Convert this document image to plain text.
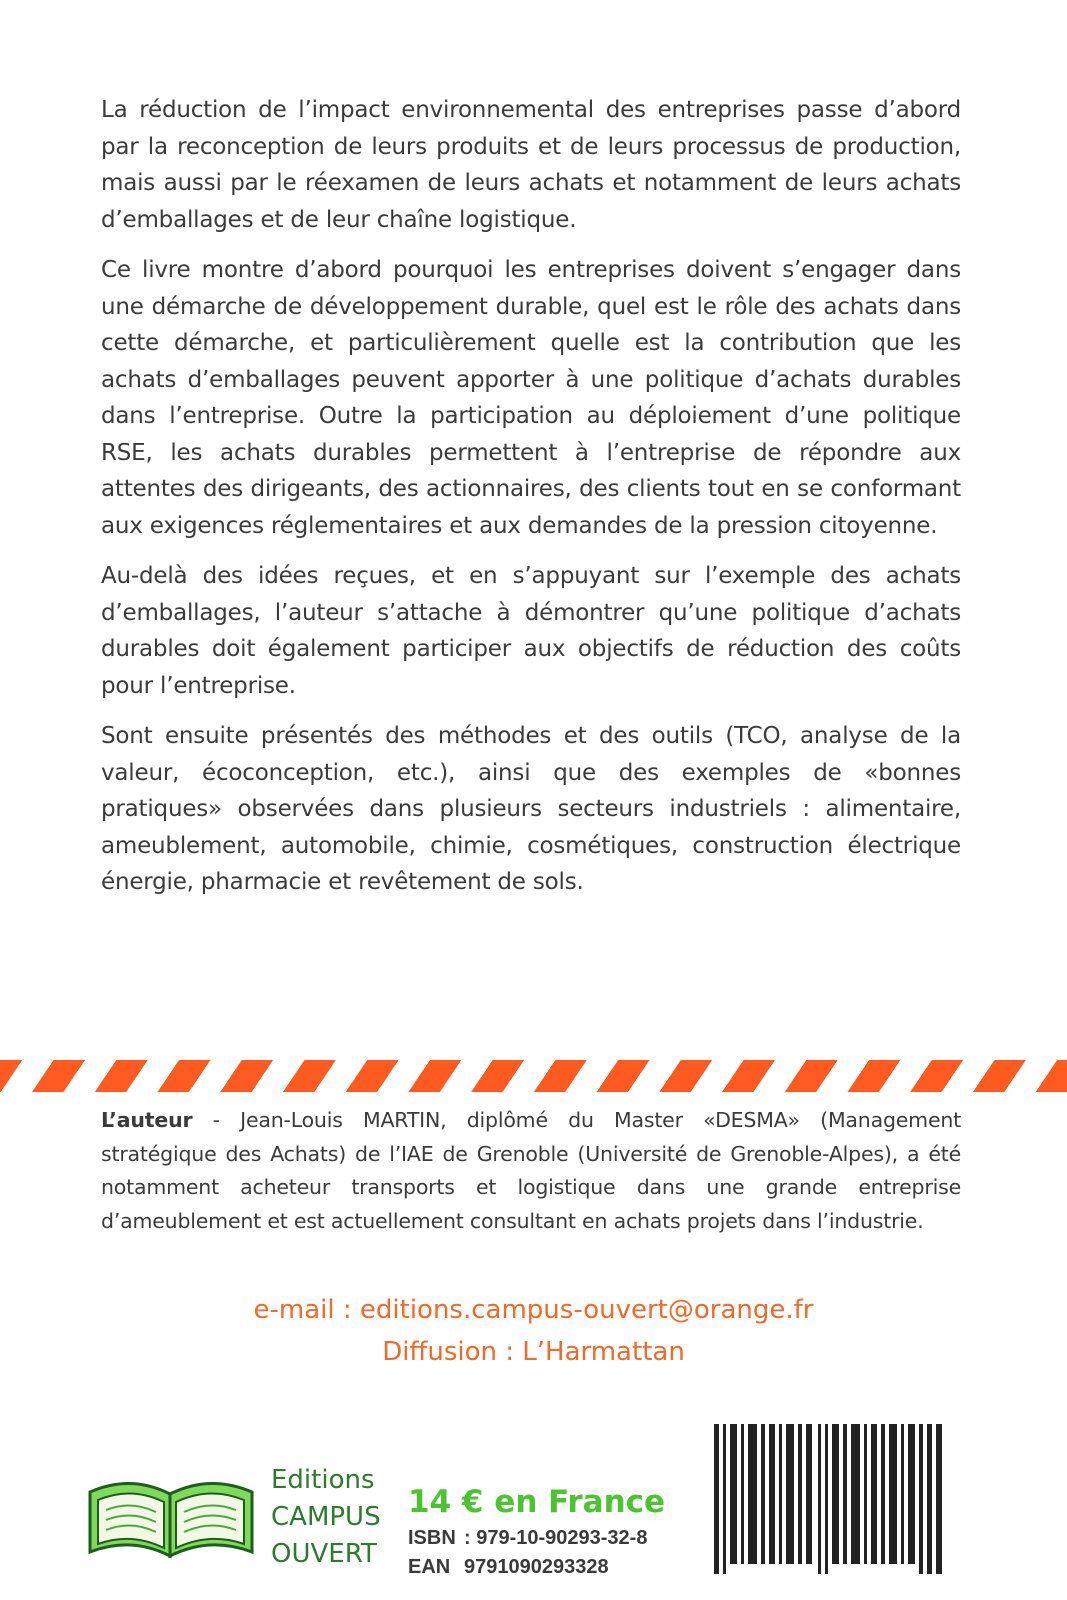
La réduction de l’impact environnemental des entreprises passe d’abord par la reconception de leurs produits et de leurs processus de production, mais aussi par le réexamen de leurs achats et notamment de leurs achats d’emballages et de leur chaîne logistique.

Ce livre montre d’abord pourquoi les entreprises doivent s’engager dans une démarche de développement durable, quel est le rôle des achats dans cette démarche, et particulièrement quelle est la contribution que les achats d’emballages peuvent apporter à une politique d’achats durables dans l’entreprise. Outre la participation au déploiement d’une politique RSE, les achats durables permettent à l’entreprise de répondre aux attentes des dirigeants, des actionnaires, des clients tout en se conformant aux exigences réglementaires et aux demandes de la pression citoyenne.

Au-delà des idées reçues, et en s’appuyant sur l’exemple des achats d’emballages, l’auteur s’attache à démontrer qu’une politique d’achats durables doit également participer aux objectifs de réduction des coûts pour l’entreprise.

Sont ensuite présentés des méthodes et des outils (TCO, analyse de la valeur, écoconception, etc.), ainsi que des exemples de «bonnes pratiques» observées dans plusieurs secteurs industriels : alimentaire, ameublement, automobile, chimie, cosmétiques, construction électrique énergie, pharmacie et revêtement de sols.

L’auteur - Jean-Louis MARTIN, diplômé du Master «DESMA» (Management stratégique des Achats) de l’IAE de Grenoble (Université de Grenoble-Alpes), a été notamment acheteur transports et logistique dans une grande entreprise d’ameublement et est actuellement consultant en achats projets dans l’industrie.
e-mail : editions.campus-ouvert@orange.fr
Diffusion : L’Harmattan
Editions
CAMPUS
OUVERT
14 € en France
ISBN : 979-10-90293-32-8
EAN 9791090293328
